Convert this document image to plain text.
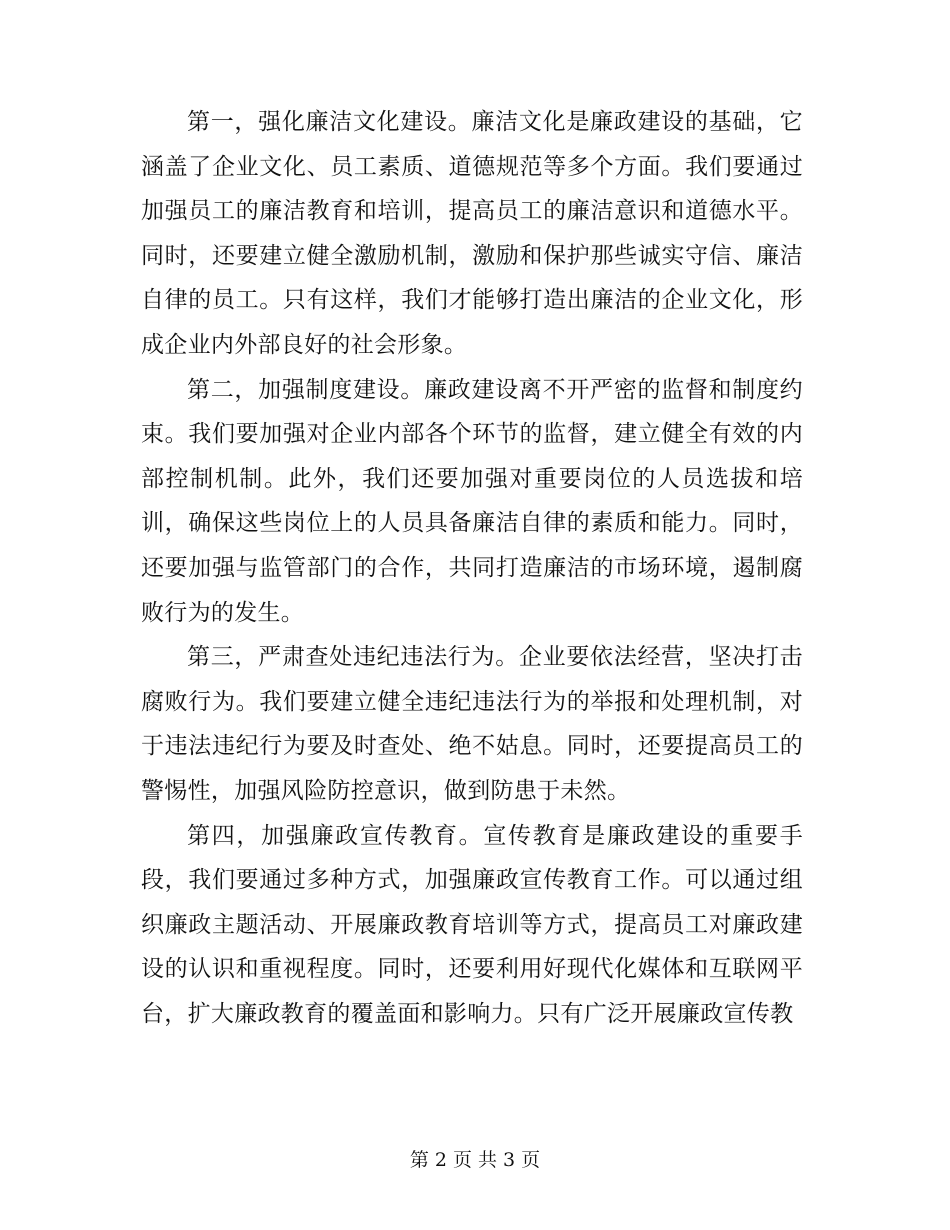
第一，强化廉洁文化建设。廉洁文化是廉政建设的基础，它涵盖了企业文化、员工素质、道德规范等多个方面。我们要通过加强员工的廉洁教育和培训，提高员工的廉洁意识和道德水平。同时，还要建立健全激励机制，激励和保护那些诚实守信、廉洁自律的员工。只有这样，我们才能够打造出廉洁的企业文化，形成企业内外部良好的社会形象。

第二，加强制度建设。廉政建设离不开严密的监督和制度约束。我们要加强对企业内部各个环节的监督，建立健全有效的内部控制机制。此外，我们还要加强对重要岗位的人员选拔和培训，确保这些岗位上的人员具备廉洁自律的素质和能力。同时，还要加强与监管部门的合作，共同打造廉洁的市场环境，遏制腐败行为的发生。

第三，严肃查处违纪违法行为。企业要依法经营，坚决打击腐败行为。我们要建立健全违纪违法行为的举报和处理机制，对于违法违纪行为要及时查处、绝不姑息。同时，还要提高员工的警惕性，加强风险防控意识，做到防患于未然。

第四，加强廉政宣传教育。宣传教育是廉政建设的重要手段，我们要通过多种方式，加强廉政宣传教育工作。可以通过组织廉政主题活动、开展廉政教育培训等方式，提高员工对廉政建设的认识和重视程度。同时，还要利用好现代化媒体和互联网平台，扩大廉政教育的覆盖面和影响力。只有广泛开展廉政宣传教

第 2 页 共 3 页
